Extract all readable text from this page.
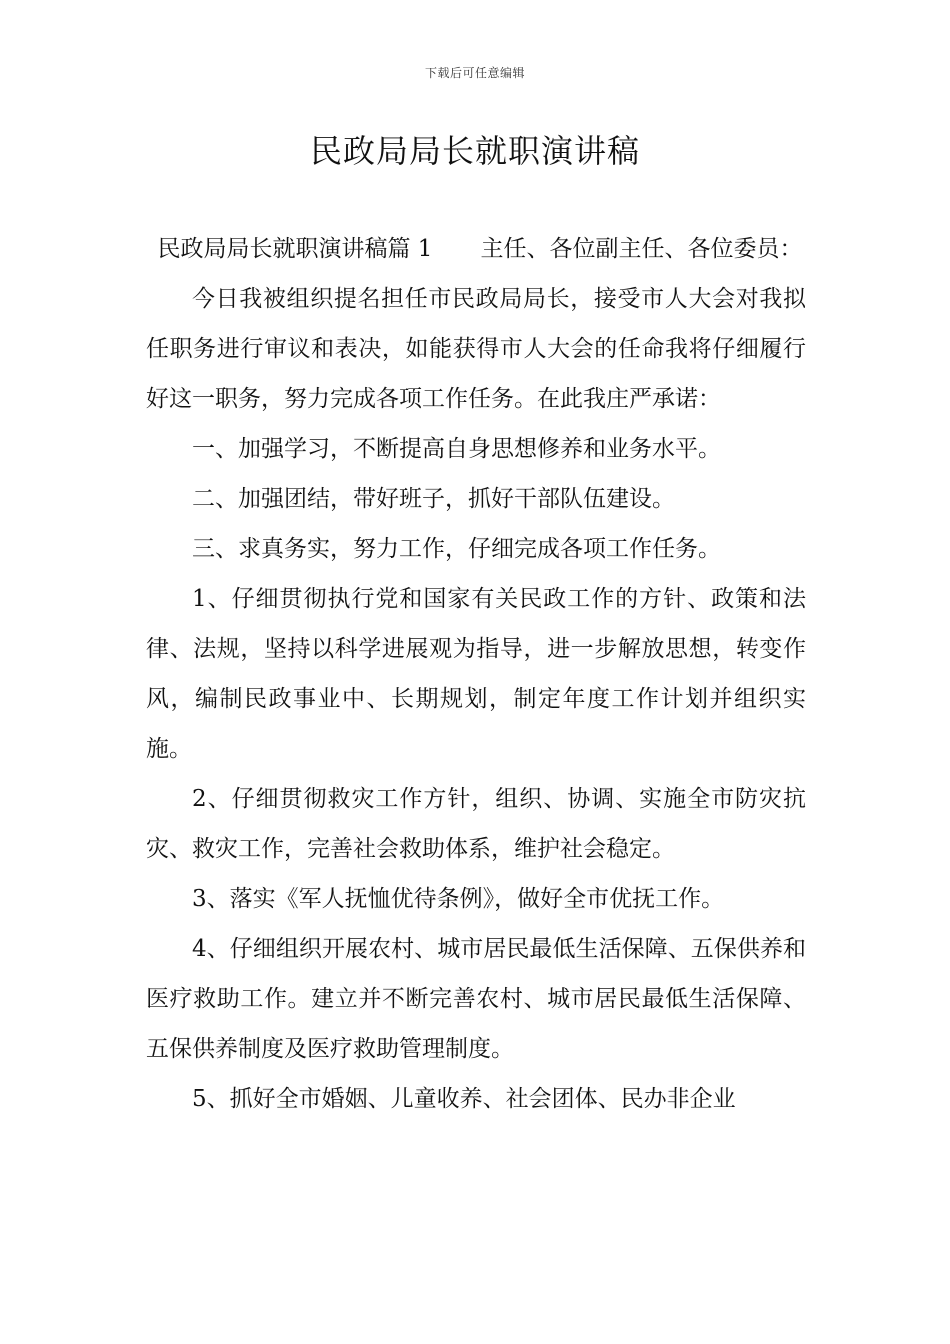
下载后可任意编辑
民政局局长就职演讲稿

民政局局长就职演讲稿篇 1 主任、各位副主任、各位委员：

今日我被组织提名担任市民政局局长，接受市人大会对我拟任职务进行审议和表决，如能获得市人大会的任命我将仔细履行好这一职务，努力完成各项工作任务。在此我庄严承诺：

一、加强学习，不断提高自身思想修养和业务水平。

二、加强团结，带好班子，抓好干部队伍建设。

三、求真务实，努力工作，仔细完成各项工作任务。

1、仔细贯彻执行党和国家有关民政工作的方针、政策和法律、法规，坚持以科学进展观为指导，进一步解放思想，转变作风，编制民政事业中、长期规划，制定年度工作计划并组织实施。

2、仔细贯彻救灾工作方针，组织、协调、实施全市防灾抗灾、救灾工作，完善社会救助体系，维护社会稳定。

3、落实《军人抚恤优待条例》，做好全市优抚工作。

4、仔细组织开展农村、城市居民最低生活保障、五保供养和医疗救助工作。建立并不断完善农村、城市居民最低生活保障、五保供养制度及医疗救助管理制度。

5、抓好全市婚姻、儿童收养、社会团体、民办非企业
